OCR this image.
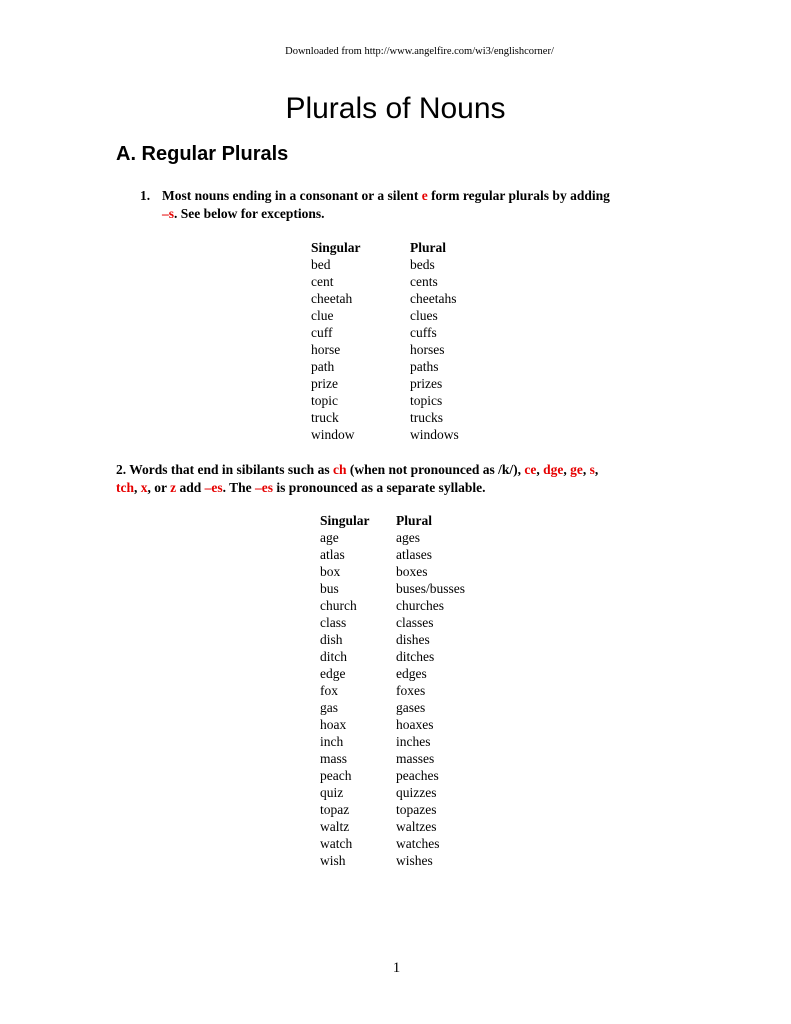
Downloaded from http://www.angelfire.com/wi3/englishcorner/
Plurals of Nouns
A. Regular Plurals
1. Most nouns ending in a consonant or a silent e form regular plurals by adding
–s. See below for exceptions.
Singular	Plural
bed	beds
cent	cents
cheetah	cheetahs
clue	clues
cuff	cuffs
horse	horses
path	paths
prize	prizes
topic	topics
truck	trucks
window	windows
2. Words that end in sibilants such as ch (when not pronounced as /k/), ce, dge, ge, s,
tch, x, or z add –es. The –es is pronounced as a separate syllable.
Singular	Plural
age	ages
atlas	atlases
box	boxes
bus	buses/busses
church	churches
class	classes
dish	dishes
ditch	ditches
edge	edges
fox	foxes
gas	gases
hoax	hoaxes
inch	inches
mass	masses
peach	peaches
quiz	quizzes
topaz	topazes
waltz	waltzes
watch	watches
wish	wishes
1
